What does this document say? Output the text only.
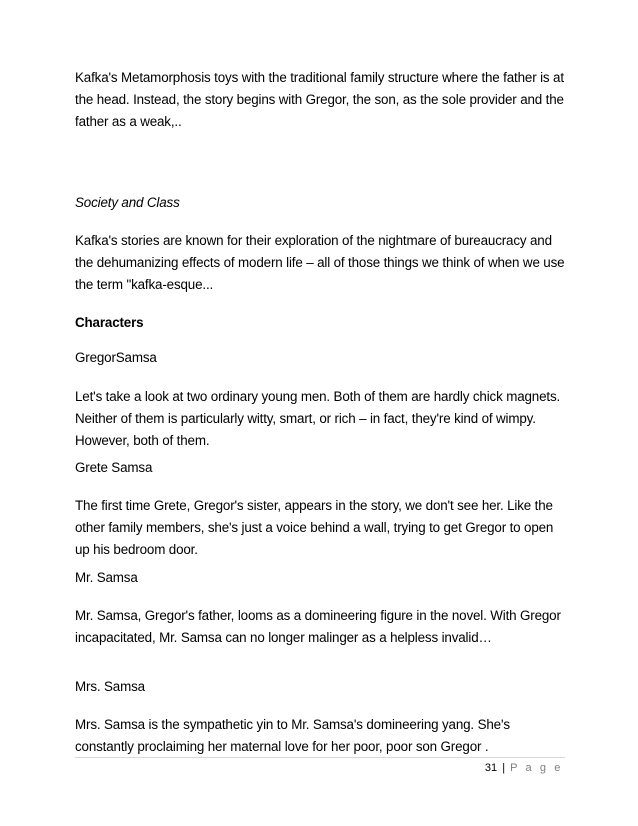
Kafka's Metamorphosis toys with the traditional family structure where the father is at the head. Instead, the story begins with Gregor, the son, as the sole provider and the father as a weak,..

Society and Class

Kafka's stories are known for their exploration of the nightmare of bureaucracy and the dehumanizing effects of modern life – all of those things we think of when we use the term "kafka-esque...

Characters

GregorSamsa

Let's take a look at two ordinary young men. Both of them are hardly chick magnets. Neither of them is particularly witty, smart, or rich – in fact, they're kind of wimpy. However, both of them.

Grete Samsa

The first time Grete, Gregor's sister, appears in the story, we don't see her. Like the other family members, she's just a voice behind a wall, trying to get Gregor to open up his bedroom door.

Mr. Samsa

Mr. Samsa, Gregor's father, looms as a domineering figure in the novel. With Gregor incapacitated, Mr. Samsa can no longer malinger as a helpless invalid…

Mrs. Samsa

Mrs. Samsa is the sympathetic yin to Mr. Samsa's domineering yang. She's constantly proclaiming her maternal love for her poor, poor son Gregor .

31 | P a g e
